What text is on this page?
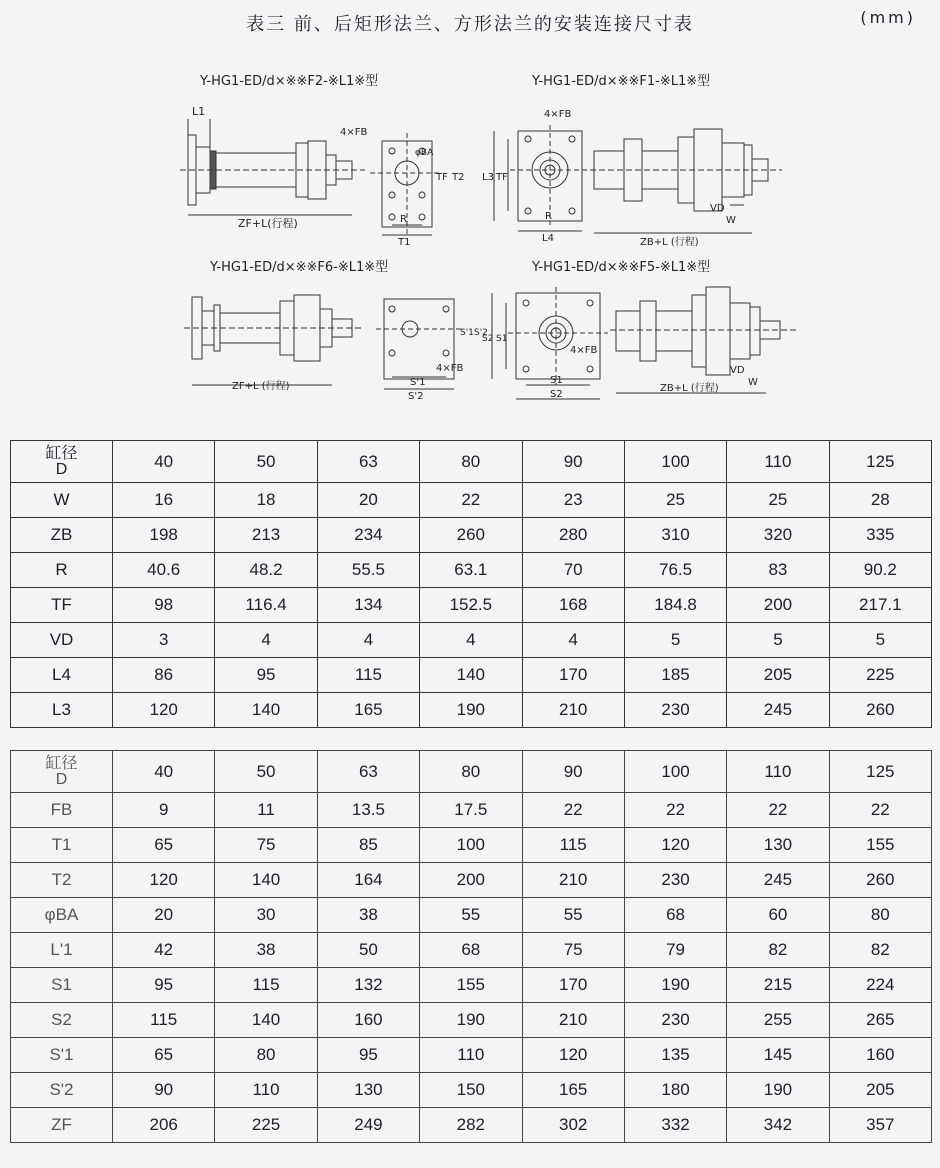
表三 前、后矩形法兰、方形法兰的安装连接尺寸表	(mm)
Y-HG1-ED/d×※※F2-※L1※型
L1
ZF+L(行程)
4×FB
φBA
TF T2
R
T1
Y-HG1-ED/d×※※F1-※L1※型
4×FB
L3 TF
R
L4
VD
W
ZB+L (行程)
Y-HG1-ED/d×※※F6-※L1※型
ZF+L (行程)
S'1 S'2
4×FB
S'1
S'2
Y-HG1-ED/d×※※F5-※L1※型
S2 S1
4×FB
S1
S2
VD
W
ZB+L (行程)
缸径
D	40	50	63	80	90	100	110	125
W	16	18	20	22	23	25	25	28
ZB	198	213	234	260	280	310	320	335
R	40.6	48.2	55.5	63.1	70	76.5	83	90.2
TF	98	116.4	134	152.5	168	184.8	200	217.1
VD	3	4	4	4	4	5	5	5
L4	86	95	115	140	170	185	205	225
L3	120	140	165	190	210	230	245	260
缸径
D	40	50	63	80	90	100	110	125
FB	9	11	13.5	17.5	22	22	22	22
T1	65	75	85	100	115	120	130	155
T2	120	140	164	200	210	230	245	260
φBA	20	30	38	55	55	68	60	80
L'1	42	38	50	68	75	79	82	82
S1	95	115	132	155	170	190	215	224
S2	115	140	160	190	210	230	255	265
S'1	65	80	95	110	120	135	145	160
S'2	90	110	130	150	165	180	190	205
ZF	206	225	249	282	302	332	342	357
